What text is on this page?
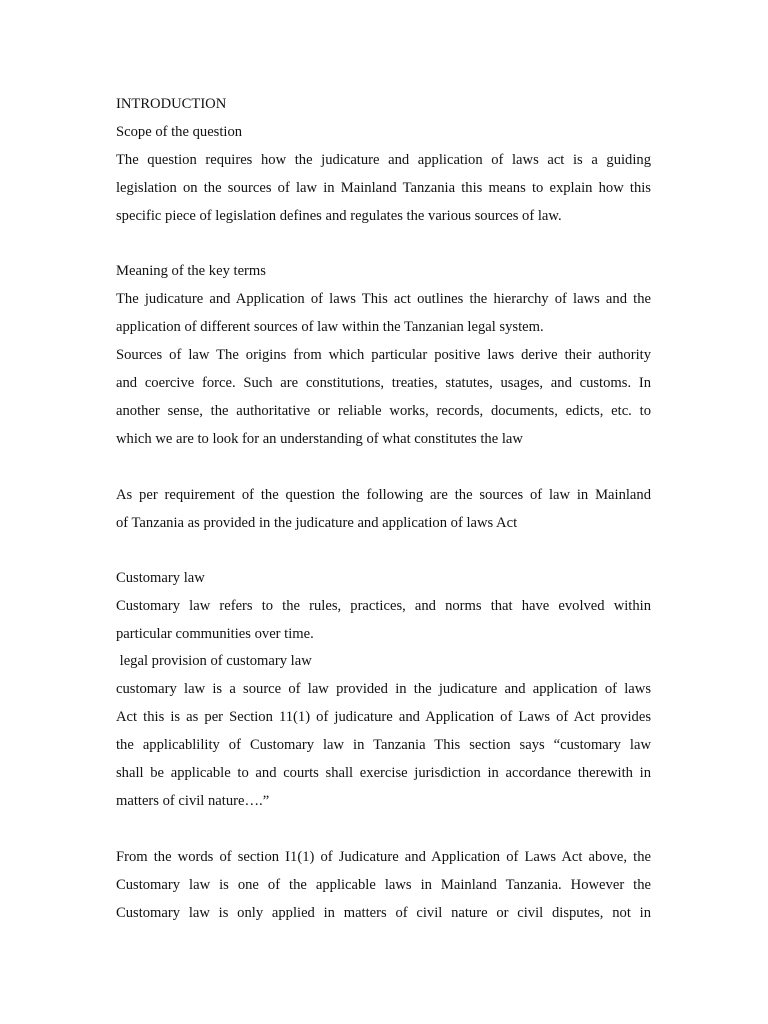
INTRODUCTION
Scope of the question
The question requires how the judicature and application of laws act is a guiding
legislation on the sources of law in Mainland Tanzania this means to explain how this
specific piece of legislation defines and regulates the various sources of law.
Meaning of the key terms
The judicature and Application of laws This act outlines the hierarchy of laws and the
application of different sources of law within the Tanzanian legal system.
Sources of law The origins from which particular positive laws derive their authority
and coercive force. Such are constitutions, treaties, statutes, usages, and customs. In
another sense, the authoritative or reliable works, records, documents, edicts, etc. to
which we are to look for an understanding of what constitutes the law
As per requirement of the question the following are the sources of law in Mainland
of Tanzania as provided in the judicature and application of laws Act
Customary law
Customary law refers to the rules, practices, and norms that have evolved within
particular communities over time.
legal provision of customary law
customary law is a source of law provided in the judicature and application of laws
Act this is as per Section 11(1) of judicature and Application of Laws of Act provides
the applicablility of Customary law in Tanzania This section says “customary law
shall be applicable to and courts shall exercise jurisdiction in accordance therewith in
matters of civil nature….”
From the words of section I1(1) of Judicature and Application of Laws Act above, the
Customary law is one of the applicable laws in Mainland Tanzania. However the
Customary law is only applied in matters of civil nature or civil disputes, not in
